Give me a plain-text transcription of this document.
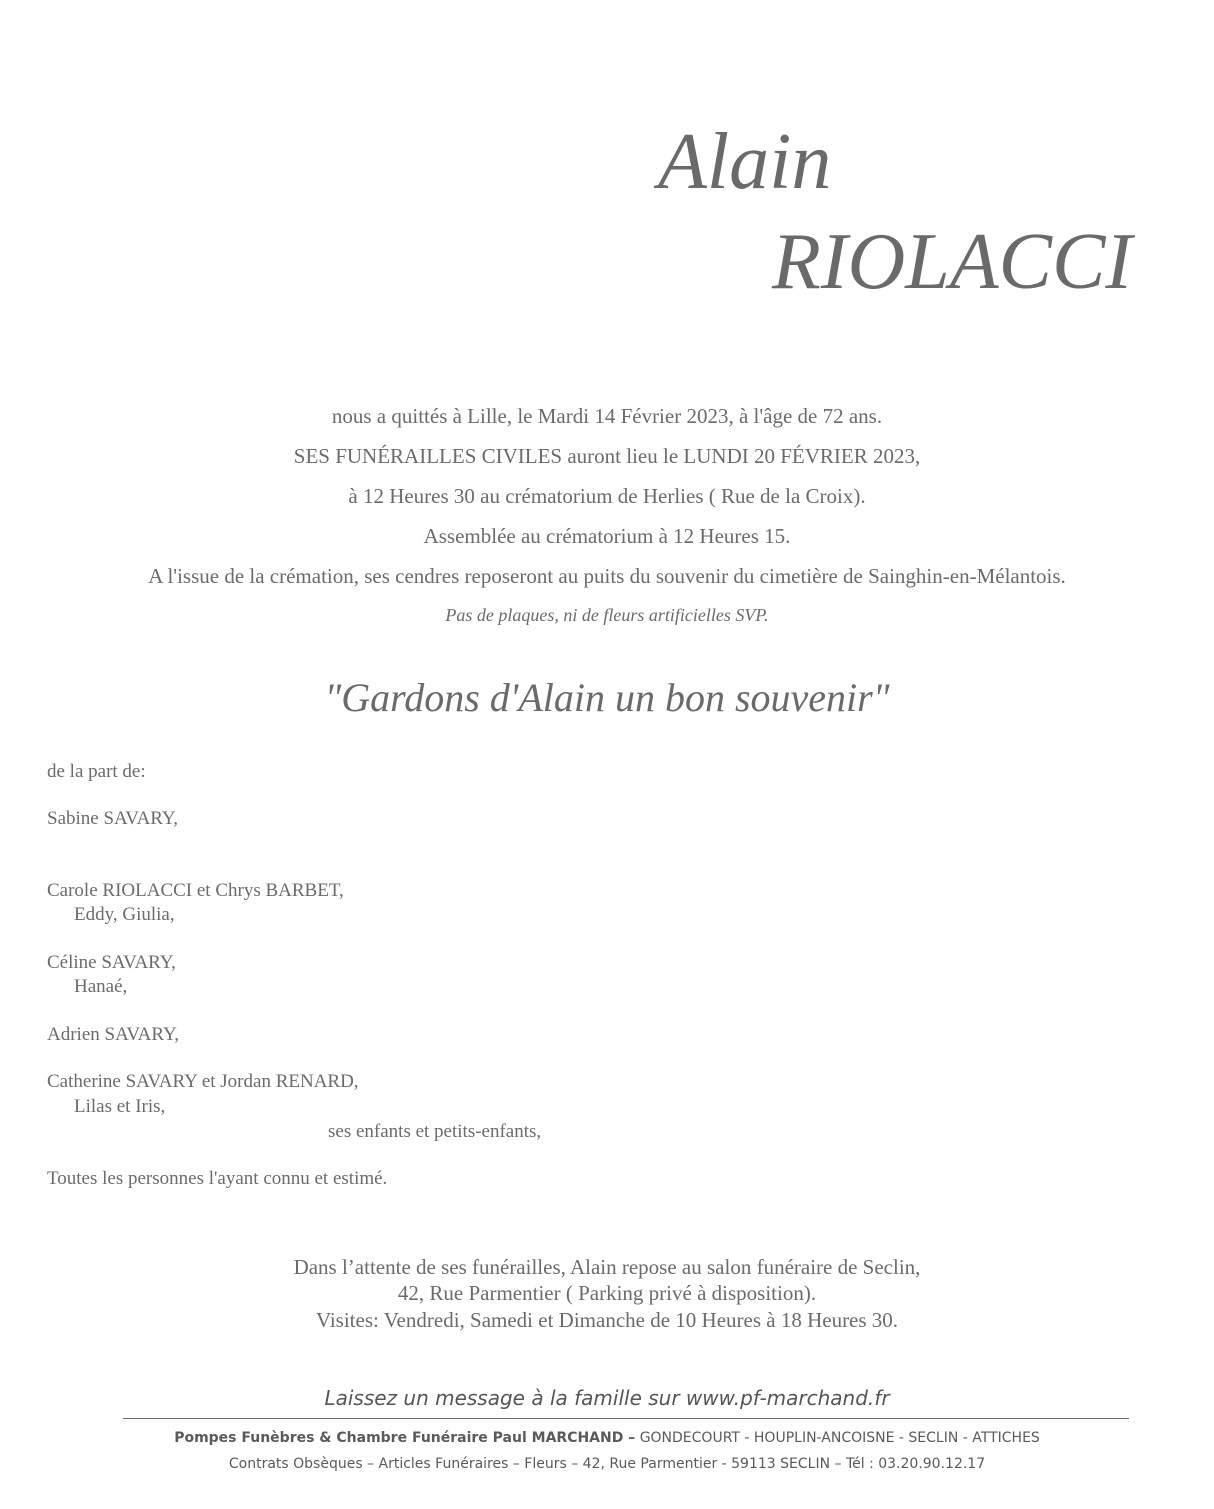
Alain
RIOLACCI
nous a quittés à Lille, le Mardi 14 Février 2023, à l'âge de 72 ans.
SES FUNÉRAILLES CIVILES auront lieu le LUNDI 20 FÉVRIER 2023,
à 12 Heures 30 au crématorium de Herlies ( Rue de la Croix).
Assemblée au crématorium à 12 Heures 15.
A l'issue de la crémation, ses cendres reposeront au puits du souvenir du cimetière de Sainghin-en-Mélantois.
Pas de plaques, ni de fleurs artificielles SVP.
"Gardons d'Alain un bon souvenir"
de la part de:
Sabine SAVARY,
Carole RIOLACCI et Chrys BARBET,
Eddy, Giulia,
Céline SAVARY,
Hanaé,
Adrien SAVARY,
Catherine SAVARY et Jordan RENARD,
Lilas et Iris,
ses enfants et petits-enfants,
Toutes les personnes l'ayant connu et estimé.
Dans l’attente de ses funérailles, Alain repose au salon funéraire de Seclin,
42, Rue Parmentier ( Parking privé à disposition).
Visites: Vendredi, Samedi et Dimanche de 10 Heures à 18 Heures 30.
Laissez un message à la famille sur www.pf-marchand.fr
Pompes Funèbres & Chambre Funéraire Paul MARCHAND – GONDECOURT - HOUPLIN-ANCOISNE - SECLIN - ATTICHES
Contrats Obsèques – Articles Funéraires – Fleurs – 42, Rue Parmentier - 59113 SECLIN – Tél : 03.20.90.12.17
